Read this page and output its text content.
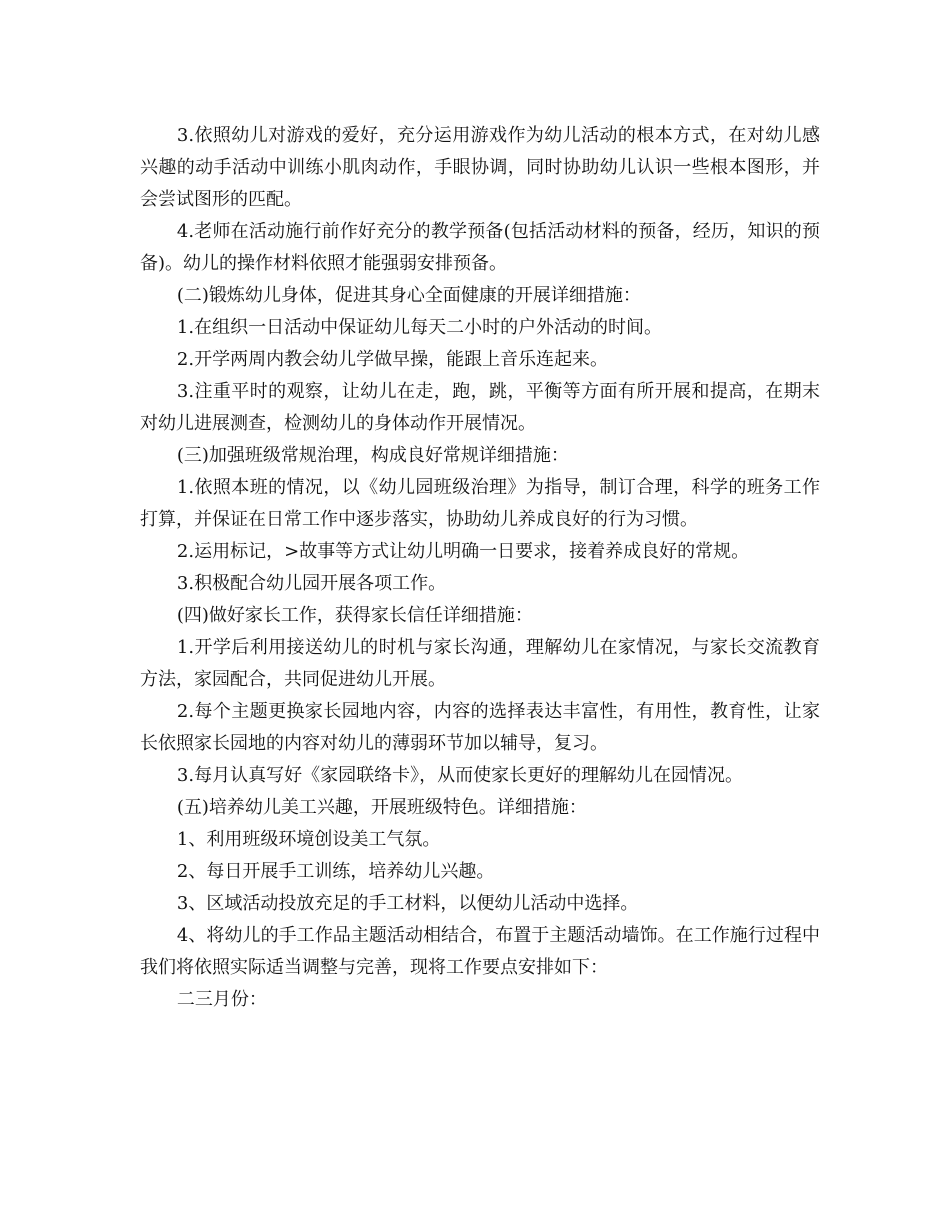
3.依照幼儿对游戏的爱好，充分运用游戏作为幼儿活动的根本方式，在对幼儿感兴趣的动手活动中训练小肌肉动作，手眼协调，同时协助幼儿认识一些根本图形，并会尝试图形的匹配。

4.老师在活动施行前作好充分的教学预备(包括活动材料的预备，经历，知识的预备)。幼儿的操作材料依照才能强弱安排预备。

(二)锻炼幼儿身体，促进其身心全面健康的开展详细措施：

1.在组织一日活动中保证幼儿每天二小时的户外活动的时间。

2.开学两周内教会幼儿学做早操，能跟上音乐连起来。

3.注重平时的观察，让幼儿在走，跑，跳，平衡等方面有所开展和提高，在期末对幼儿进展测查，检测幼儿的身体动作开展情况。

(三)加强班级常规治理，构成良好常规详细措施：

1.依照本班的情况，以《幼儿园班级治理》为指导，制订合理，科学的班务工作打算，并保证在日常工作中逐步落实，协助幼儿养成良好的行为习惯。

2.运用标记，>故事等方式让幼儿明确一日要求，接着养成良好的常规。

3.积极配合幼儿园开展各项工作。

(四)做好家长工作，获得家长信任详细措施：

1.开学后利用接送幼儿的时机与家长沟通，理解幼儿在家情况，与家长交流教育方法，家园配合，共同促进幼儿开展。

2.每个主题更换家长园地内容，内容的选择表达丰富性，有用性，教育性，让家长依照家长园地的内容对幼儿的薄弱环节加以辅导，复习。

3.每月认真写好《家园联络卡》，从而使家长更好的理解幼儿在园情况。

(五)培养幼儿美工兴趣，开展班级特色。详细措施：

1、利用班级环境创设美工气氛。

2、每日开展手工训练，培养幼儿兴趣。

3、区域活动投放充足的手工材料，以便幼儿活动中选择。

4、将幼儿的手工作品主题活动相结合，布置于主题活动墙饰。在工作施行过程中我们将依照实际适当调整与完善，现将工作要点安排如下：

二三月份：
